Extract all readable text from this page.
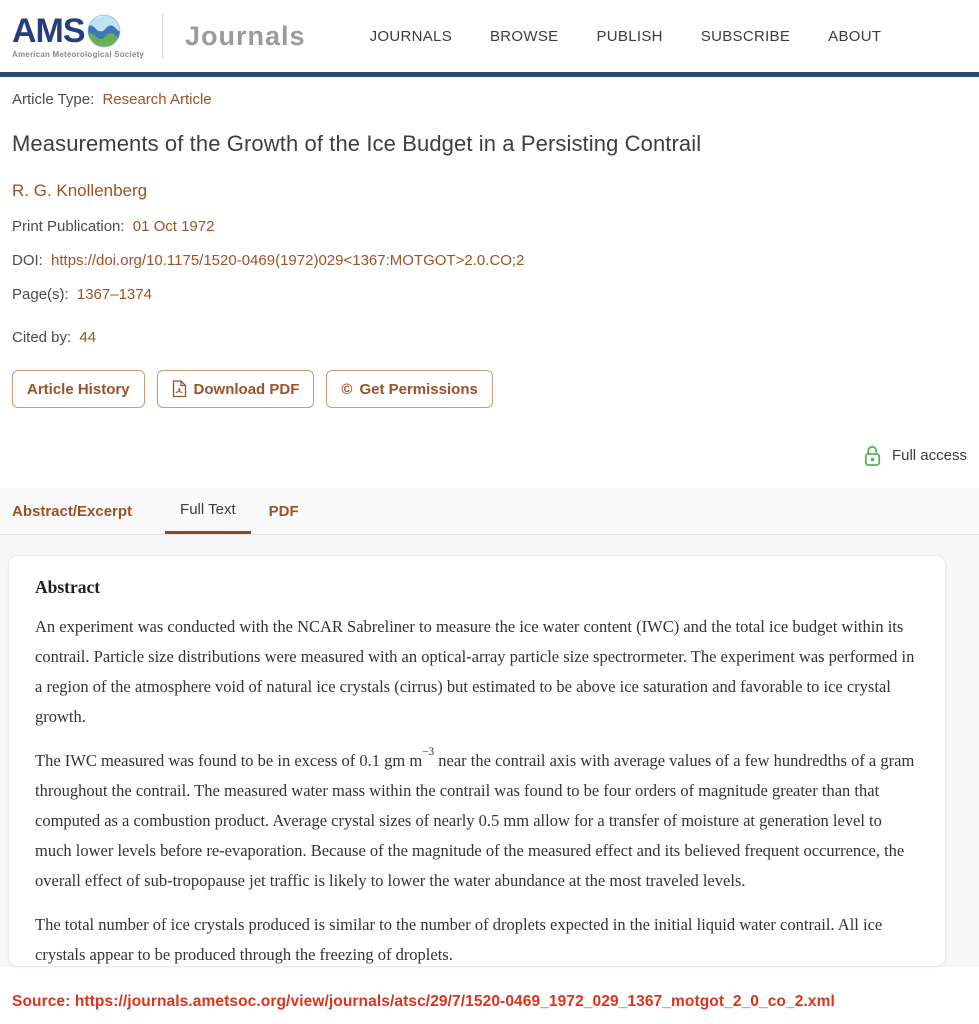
AMS
American Meteorological Society
Journals	JOURNALS	BROWSE	PUBLISH	SUBSCRIBE	ABOUT
Article Type: Research Article
Measurements of the Growth of the Ice Budget in a Persisting Contrail
R. G. Knollenberg
Print Publication: 01 Oct 1972
DOI: https://doi.org/10.1175/1520-0469(1972)029<1367:MOTGOT>2.0.CO;2
Page(s): 1367–1374
Cited by: 44
Article History	Download PDF	© Get Permissions
Full access
Abstract/Excerpt	Full Text	PDF
Abstract

An experiment was conducted with the NCAR Sabreliner to measure the ice water content (IWC) and the total ice budget within its contrail. Particle size distributions were measured with an optical-array particle size spectrormeter. The experiment was performed in a region of the atmosphere void of natural ice crystals (cirrus) but estimated to be above ice saturation and favorable to ice crystal growth.

The IWC measured was found to be in excess of 0.1 gm $m^{-3}$ near the contrail axis with average values of a few hundredths of a gram throughout the contrail. The measured water mass within the contrail was found to be four orders of magnitude greater than that computed as a combustion product. Average crystal sizes of nearly 0.5 mm allow for a transfer of moisture at generation level to much lower levels before re-evaporation. Because of the magnitude of the measured effect and its believed frequent occurrence, the overall effect of sub-tropopause jet traffic is likely to lower the water abundance at the most traveled levels.

The total number of ice crystals produced is similar to the number of droplets expected in the initial liquid water contrail. All ice crystals appear to be produced through the freezing of droplets.

Source: https://journals.ametsoc.org/view/journals/atsc/29/7/1520-0469_1972_029_1367_motgot_2_0_co_2.xml
